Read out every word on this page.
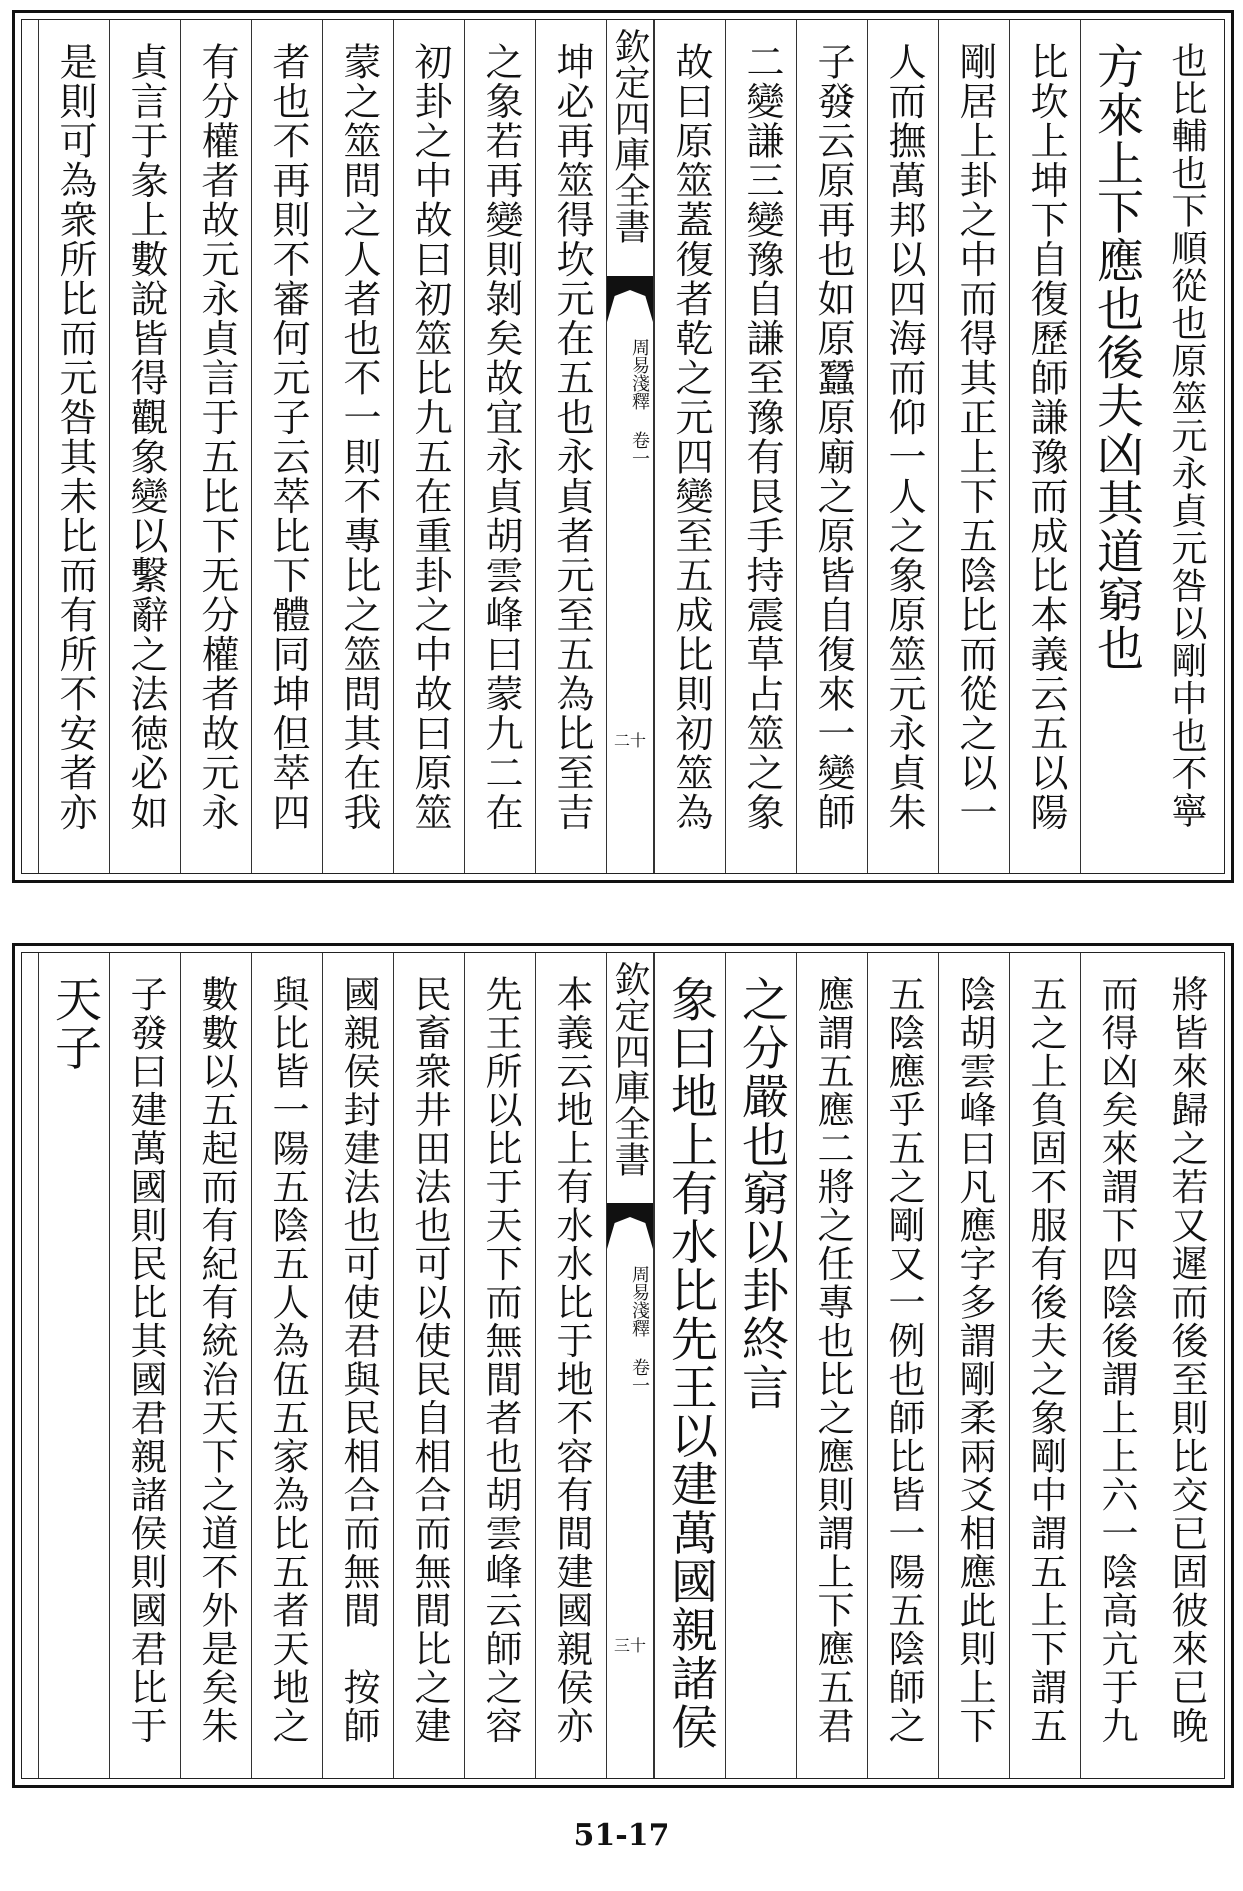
也比輔也下順從也原筮元永貞元咎以剛中也不寧
方來上下應也後夫凶其道窮也
比坎上坤下自復歷師謙豫而成比本義云五以陽
剛居上卦之中而得其正上下五陰比而從之以一
人而撫萬邦以四海而仰一人之象原筮元永貞朱
子發云原再也如原蠶原廟之原皆自復來一變師
二變謙三變豫自謙至豫有艮手持震草占筮之象
故曰原筮蓋復者乾之元四變至五成比則初筮為
欽定四庫全書
周易淺釋 卷一
二十
坤必再筮得坎元在五也永貞者元至五為比至吉
之象若再變則剝矣故宜永貞胡雲峰曰蒙九二在
初卦之中故曰初筮比九五在重卦之中故曰原筮
蒙之筮問之人者也不一則不專比之筮問其在我
者也不再則不審何元子云萃比下體同坤但萃四
有分權者故元永貞言于五比下无分權者故元永
貞言于彖上數說皆得觀象變以繫辭之法徳必如
是則可為衆所比而元咎其未比而有所不安者亦
將皆來歸之若又遲而後至則比交已固彼來已晚
而得凶矣來謂下四陰後謂上上六一陰高亢于九
五之上負固不服有後夫之象剛中謂五上下謂五
陰胡雲峰曰凡應字多謂剛柔兩爻相應此則上下
五陰應乎五之剛又一例也師比皆一陽五陰師之
應謂五應二將之任專也比之應則謂上下應五君
之分嚴也窮以卦終言
象曰地上有水比先王以建萬國親諸侯
欽定四庫全書
周易淺釋 卷一
三十
本義云地上有水水比于地不容有間建國親侯亦
先王所以比于天下而無間者也胡雲峰云師之容
民畜衆井田法也可以使民自相合而無間比之建
國親侯封建法也可使君與民相合而無間　按師
與比皆一陽五陰五人為伍五家為比五者天地之
數數以五起而有紀有統治天下之道不外是矣朱
子發曰建萬國則民比其國君親諸侯則國君比于
天子
51-17
